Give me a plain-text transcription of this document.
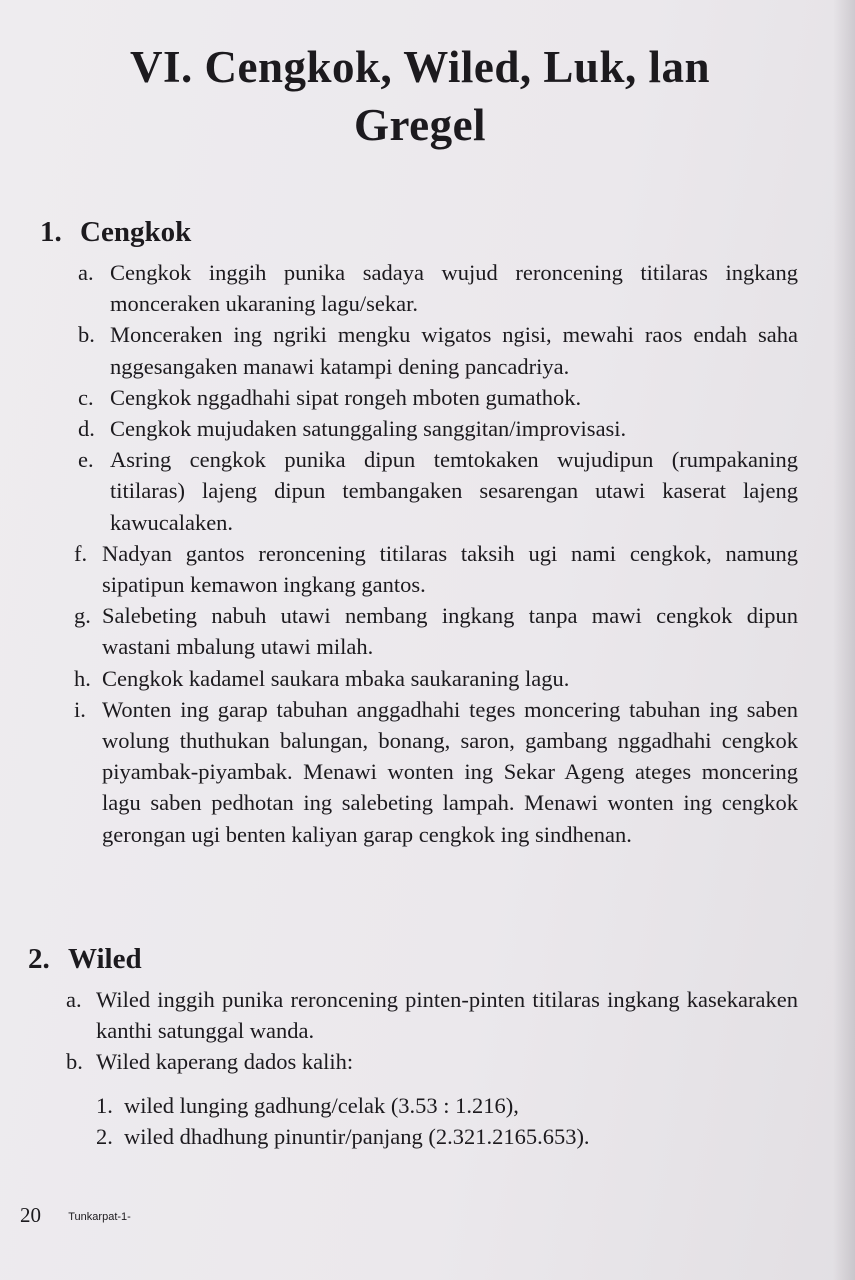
VI. Cengkok, Wiled, Luk, lan
Gregel
1. Cengkok
a. Cengkok inggih punika sadaya wujud reroncening titilaras ingkang monceraken ukaraning lagu/sekar.
b. Monceraken ing ngriki mengku wigatos ngisi, mewahi raos endah saha nggesangaken manawi katampi dening pancadriya.
c. Cengkok nggadhahi sipat rongeh mboten gumathok.
d. Cengkok mujudaken satunggaling sanggitan/improvisasi.
e. Asring cengkok punika dipun temtokaken wujudipun (rumpakaning titilaras) lajeng dipun tembangaken sesarengan utawi kaserat lajeng kawucalaken.
f. Nadyan gantos reroncening titilaras taksih ugi nami cengkok, namung sipatipun kemawon ingkang gantos.
g. Salebeting nabuh utawi nembang ingkang tanpa mawi cengkok dipun wastani mbalung utawi milah.
h. Cengkok kadamel saukara mbaka saukaraning lagu.
i. Wonten ing garap tabuhan anggadhahi teges moncering tabuhan ing saben wolung thuthukan balungan, bonang, saron, gambang nggadhahi cengkok piyambak-piyambak. Menawi wonten ing Sekar Ageng ateges moncering lagu saben pedhotan ing salebeting lampah. Menawi wonten ing cengkok gerongan ugi benten kaliyan garap cengkok ing sindhenan.
2. Wiled
a. Wiled inggih punika reroncening pinten-pinten titilaras ingkang kasekaraken kanthi satunggal wanda.
b. Wiled kaperang dados kalih:
1. wiled lunging gadhung/celak (3.53 : 1.216),
2. wiled dhadhung pinuntir/panjang (2.321.2165.653).
20 Tunkarpat-1-
